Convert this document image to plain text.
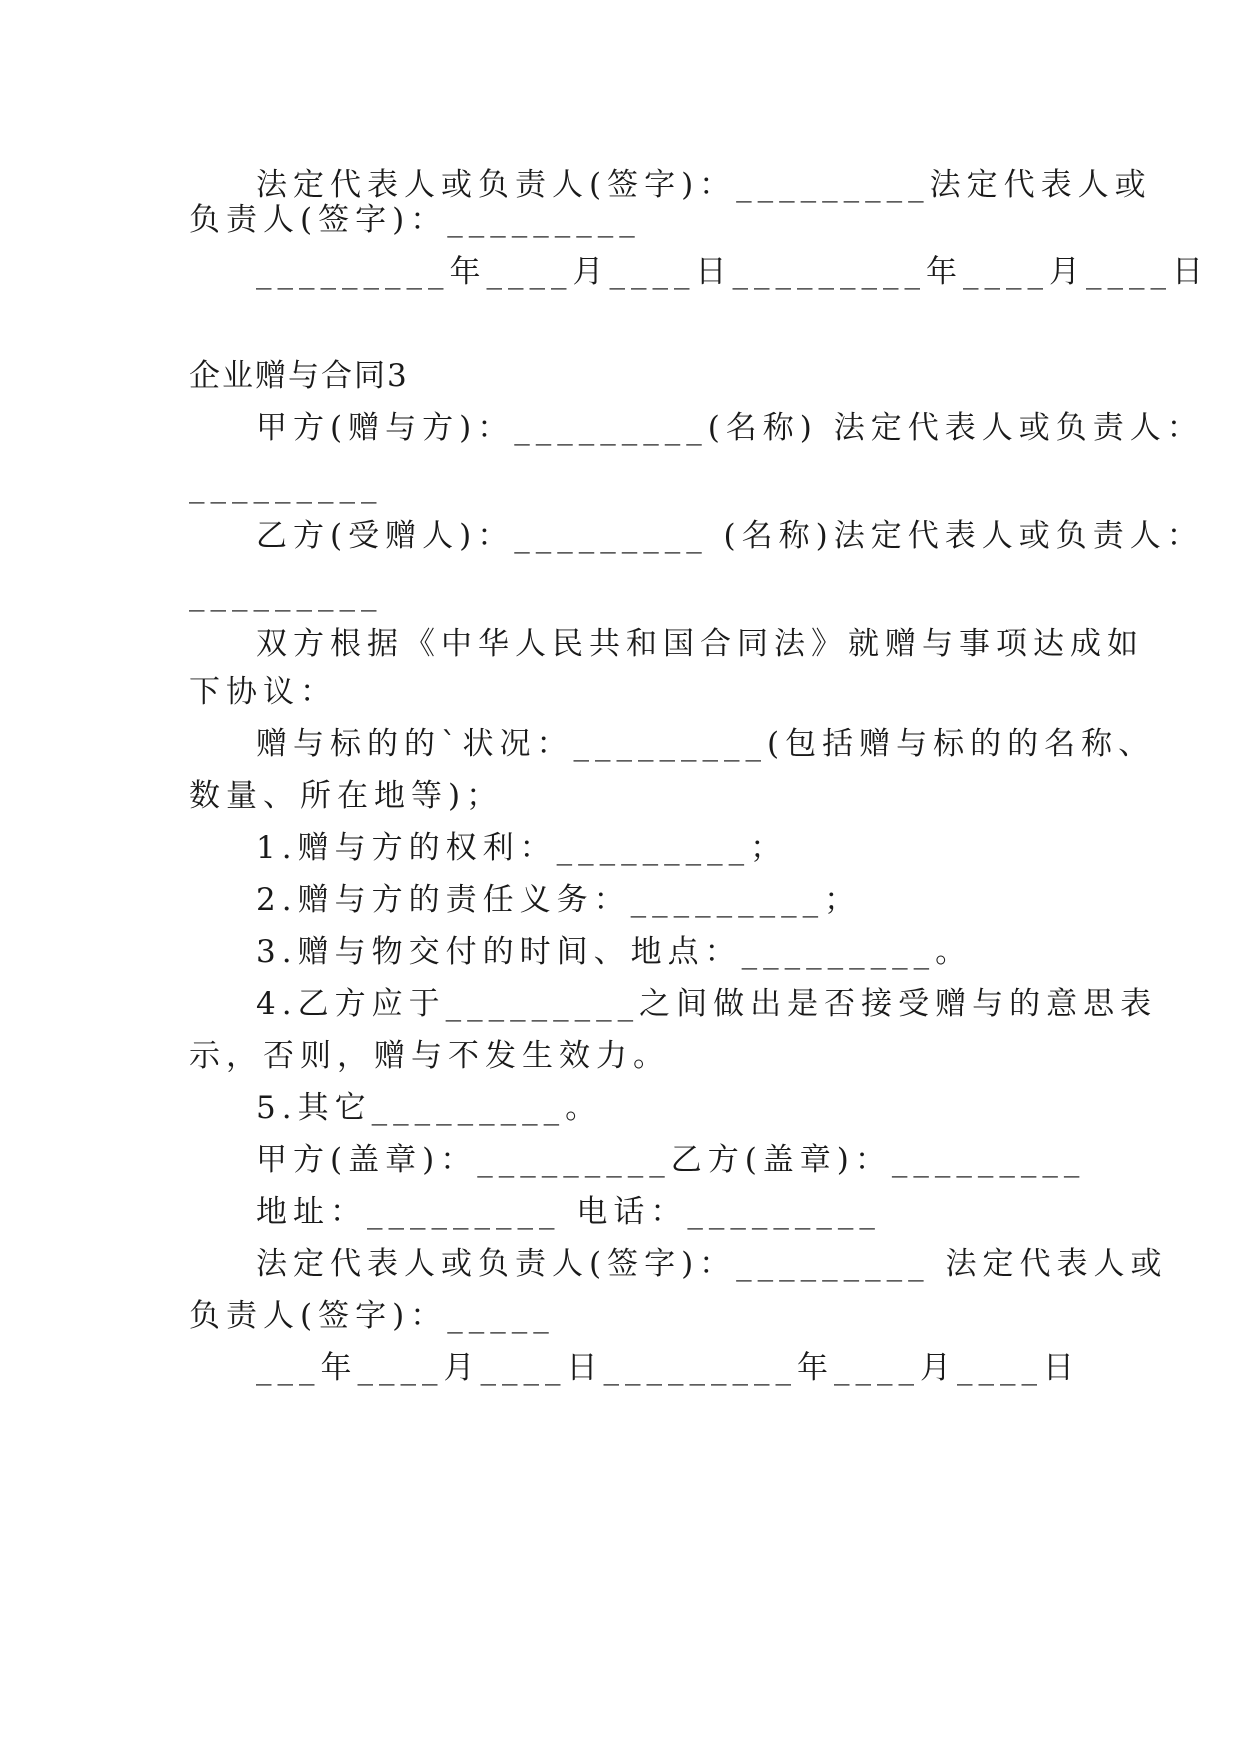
法定代表人或负责人(签字)：_________法定代表人或
负责人(签字)：_________
_________年____月____日_________年____月____日
企业赠与合同3
甲方(赠与方)：_________(名称) 法定代表人或负责人：
_________
乙方(受赠人)：_________ (名称)法定代表人或负责人：
_________
双方根据《中华人民共和国合同法》就赠与事项达成如
下协议：
赠与标的的`状况：_________(包括赠与标的的名称、
数量、所在地等)；
1.赠与方的权利：_________；
2.赠与方的责任义务：_________；
3.赠与物交付的时间、地点：_________。
4.乙方应于_________之间做出是否接受赠与的意思表
示，否则，赠与不发生效力。
5.其它_________。
甲方(盖章)：_________乙方(盖章)：_________
地址：_________ 电话：_________
法定代表人或负责人(签字)：_________ 法定代表人或
负责人(签字)：_____
___年____月____日_________年____月____日
